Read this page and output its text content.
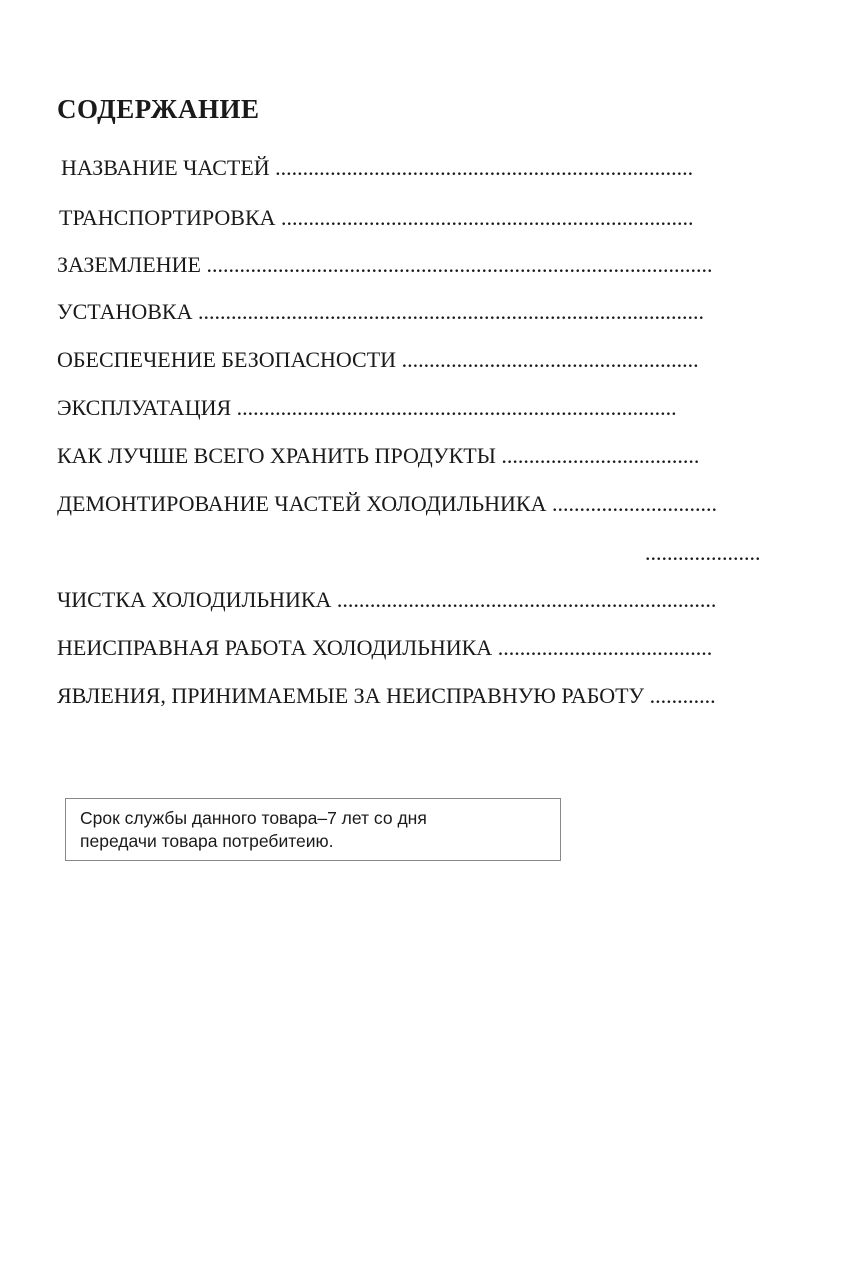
СОДЕРЖАНИЕ
НАЗВАНИЕ ЧАСТЕЙ ............................................................................
ТРАНСПОРТИРОВКА ...........................................................................
ЗАЗЕМЛЕНИЕ ............................................................................................
УСТАНОВКА ............................................................................................
ОБЕСПЕЧЕНИЕ БЕЗОПАСНОСТИ ......................................................
ЭКСПЛУАТАЦИЯ ................................................................................
КАК ЛУЧШЕ ВСЕГО ХРАНИТЬ ПРОДУКТЫ ....................................
ДЕМОНТИРОВАНИЕ ЧАСТЕЙ ХОЛОДИЛЬНИКА ..............................
.....................
ЧИСТКА ХОЛОДИЛЬНИКА .....................................................................
НЕИСПРАВНАЯ РАБОТА ХОЛОДИЛЬНИКА .......................................
ЯВЛЕНИЯ, ПРИНИМАЕМЫЕ ЗА НЕИСПРАВНУЮ РАБОТУ ............
Срок службы данного товара–7 лет со дня
передачи товара потребитеию.
